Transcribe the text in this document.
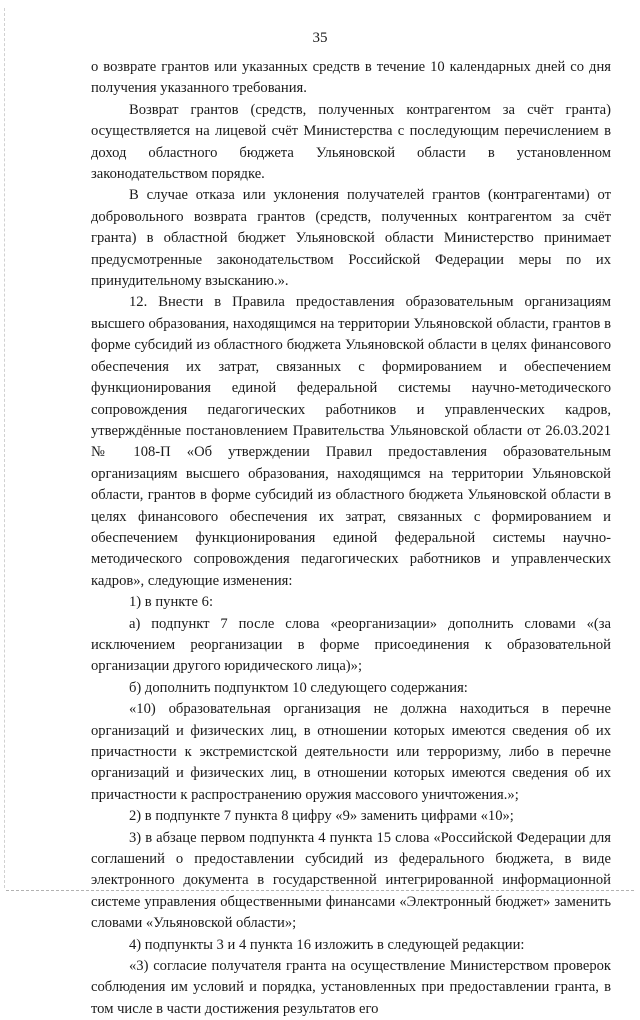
35

о возврате грантов или указанных средств в течение 10 календарных дней со дня получения указанного требования.

Возврат грантов (средств, полученных контрагентом за счёт гранта) осуществляется на лицевой счёт Министерства с последующим перечислением в доход областного бюджета Ульяновской области в установленном законодательством порядке.

В случае отказа или уклонения получателей грантов (контрагентами) от добровольного возврата грантов (средств, полученных контрагентом за счёт гранта) в областной бюджет Ульяновской области Министерство принимает предусмотренные законодательством Российской Федерации меры по их принудительному взысканию.».

12. Внести в Правила предоставления образовательным организациям высшего образования, находящимся на территории Ульяновской области, грантов в форме субсидий из областного бюджета Ульяновской области в целях финансового обеспечения их затрат, связанных с формированием и обеспечением функционирования единой федеральной системы научно-методического сопровождения педагогических работников и управленческих кадров, утверждённые постановлением Правительства Ульяновской области от 26.03.2021 № 108-П «Об утверждении Правил предоставления образовательным организациям высшего образования, находящимся на территории Ульяновской области, грантов в форме субсидий из областного бюджета Ульяновской области в целях финансового обеспечения их затрат, связанных с формированием и обеспечением функционирования единой федеральной системы научно-методического сопровождения педагогических работников и управленческих кадров», следующие изменения:

1) в пункте 6:

а) подпункт 7 после слова «реорганизации» дополнить словами «(за исключением реорганизации в форме присоединения к образовательной организации другого юридического лица)»;

б) дополнить подпунктом 10 следующего содержания:

«10) образовательная организация не должна находиться в перечне организаций и физических лиц, в отношении которых имеются сведения об их причастности к экстремистской деятельности или терроризму, либо в перечне организаций и физических лиц, в отношении которых имеются сведения об их причастности к распространению оружия массового уничтожения.»;

2) в подпункте 7 пункта 8 цифру «9» заменить цифрами «10»;

3) в абзаце первом подпункта 4 пункта 15 слова «Российской Федерации для соглашений о предоставлении субсидий из федерального бюджета, в виде электронного документа в государственной интегрированной информационной системе управления общественными финансами «Электронный бюджет» заменить словами «Ульяновской области»;

4) подпункты 3 и 4 пункта 16 изложить в следующей редакции:

«3) согласие получателя гранта на осуществление Министерством проверок соблюдения им условий и порядка, установленных при предоставлении гранта, в том числе в части достижения результатов его
